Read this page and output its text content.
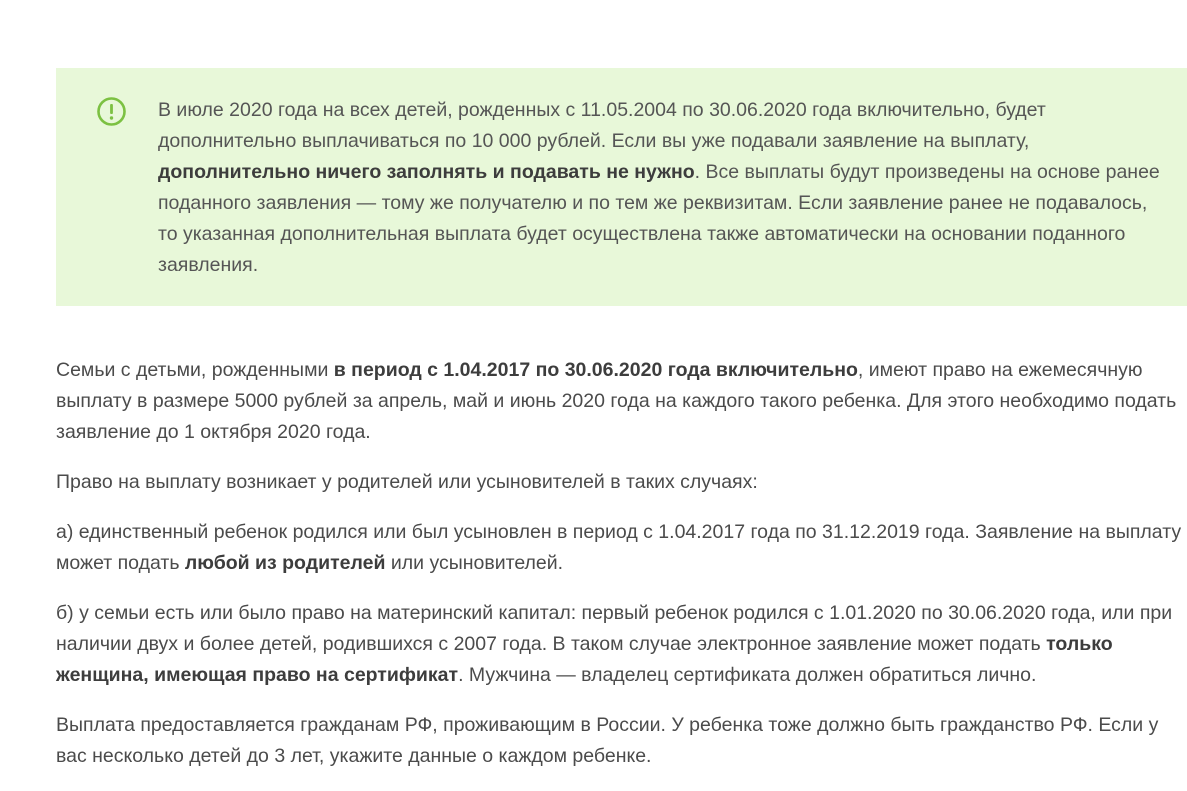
В июле 2020 года на всех детей, рожденных с 11.05.2004 по 30.06.2020 года включительно, будет дополнительно выплачиваться по 10 000 рублей. Если вы уже подавали заявление на выплату, дополнительно ничего заполнять и подавать не нужно. Все выплаты будут произведены на основе ранее поданного заявления — тому же получателю и по тем же реквизитам. Если заявление ранее не подавалось, то указанная дополнительная выплата будет осуществлена также автоматически на основании поданного заявления.

Семьи с детьми, рожденными в период с 1.04.2017 по 30.06.2020 года включительно, имеют право на ежемесячную выплату в размере 5000 рублей за апрель, май и июнь 2020 года на каждого такого ребенка. Для этого необходимо подать заявление до 1 октября 2020 года.

Право на выплату возникает у родителей или усыновителей в таких случаях:

а) единственный ребенок родился или был усыновлен в период с 1.04.2017 года по 31.12.2019 года. Заявление на выплату может подать любой из родителей или усыновителей.

б) у семьи есть или было право на материнский капитал: первый ребенок родился с 1.01.2020 по 30.06.2020 года, или при наличии двух и более детей, родившихся с 2007 года. В таком случае электронное заявление может подать только женщина, имеющая право на сертификат. Мужчина — владелец сертификата должен обратиться лично.

Выплата предоставляется гражданам РФ, проживающим в России. У ребенка тоже должно быть гражданство РФ. Если у вас несколько детей до 3 лет, укажите данные о каждом ребенке.
